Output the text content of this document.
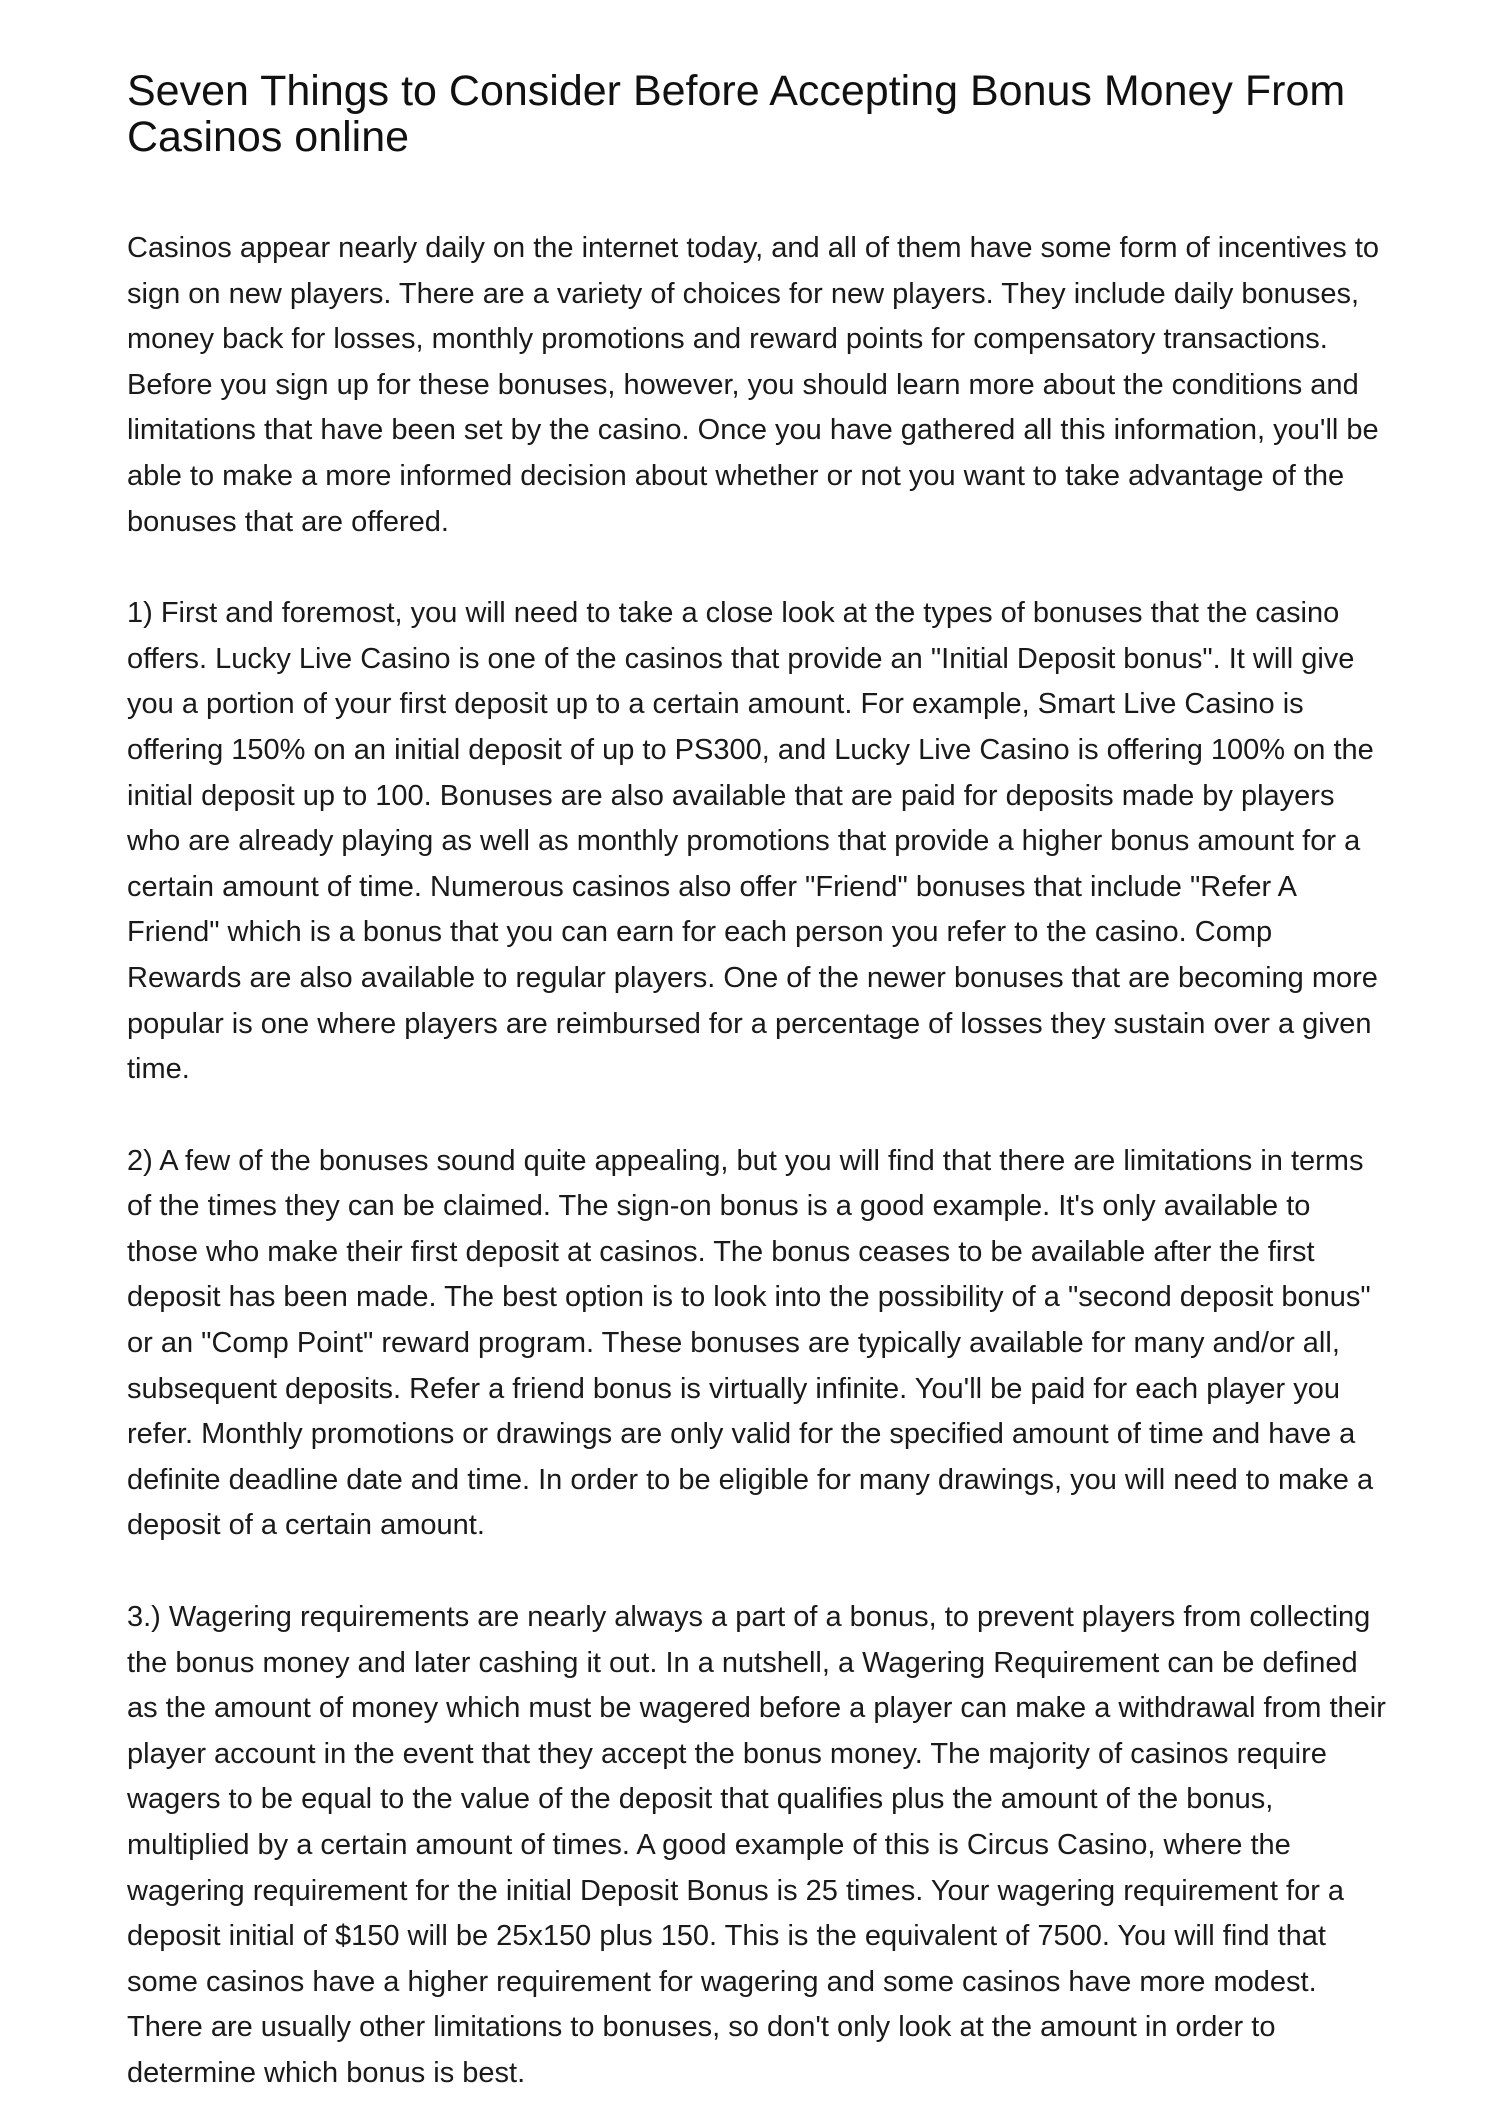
Seven Things to Consider Before Accepting Bonus Money From Casinos online

Casinos appear nearly daily on the internet today, and all of them have some form of incentives to sign on new players. There are a variety of choices for new players. They include daily bonuses, money back for losses, monthly promotions and reward points for compensatory transactions. Before you sign up for these bonuses, however, you should learn more about the conditions and limitations that have been set by the casino. Once you have gathered all this information, you'll be able to make a more informed decision about whether or not you want to take advantage of the bonuses that are offered.

1) First and foremost, you will need to take a close look at the types of bonuses that the casino offers. Lucky Live Casino is one of the casinos that provide an "Initial Deposit bonus". It will give you a portion of your first deposit up to a certain amount. For example, Smart Live Casino is offering 150% on an initial deposit of up to PS300, and Lucky Live Casino is offering 100% on the initial deposit up to 100. Bonuses are also available that are paid for deposits made by players who are already playing as well as monthly promotions that provide a higher bonus amount for a certain amount of time. Numerous casinos also offer "Friend" bonuses that include "Refer A Friend" which is a bonus that you can earn for each person you refer to the casino. Comp Rewards are also available to regular players. One of the newer bonuses that are becoming more popular is one where players are reimbursed for a percentage of losses they sustain over a given time.

2) A few of the bonuses sound quite appealing, but you will find that there are limitations in terms of the times they can be claimed. The sign-on bonus is a good example. It's only available to those who make their first deposit at casinos. The bonus ceases to be available after the first deposit has been made. The best option is to look into the possibility of a "second deposit bonus" or an "Comp Point" reward program. These bonuses are typically available for many and/or all, subsequent deposits. Refer a friend bonus is virtually infinite. You'll be paid for each player you refer. Monthly promotions or drawings are only valid for the specified amount of time and have a definite deadline date and time. In order to be eligible for many drawings, you will need to make a deposit of a certain amount.

3.) Wagering requirements are nearly always a part of a bonus, to prevent players from collecting the bonus money and later cashing it out. In a nutshell, a Wagering Requirement can be defined as the amount of money which must be wagered before a player can make a withdrawal from their player account in the event that they accept the bonus money. The majority of casinos require wagers to be equal to the value of the deposit that qualifies plus the amount of the bonus, multiplied by a certain amount of times. A good example of this is Circus Casino, where the wagering requirement for the initial Deposit Bonus is 25 times. Your wagering requirement for a deposit initial of $150 will be 25x150 plus 150. This is the equivalent of 7500. You will find that some casinos have a higher requirement for wagering and some casinos have more modest. There are usually other limitations to bonuses, so don't only look at the amount in order to determine which bonus is best.
